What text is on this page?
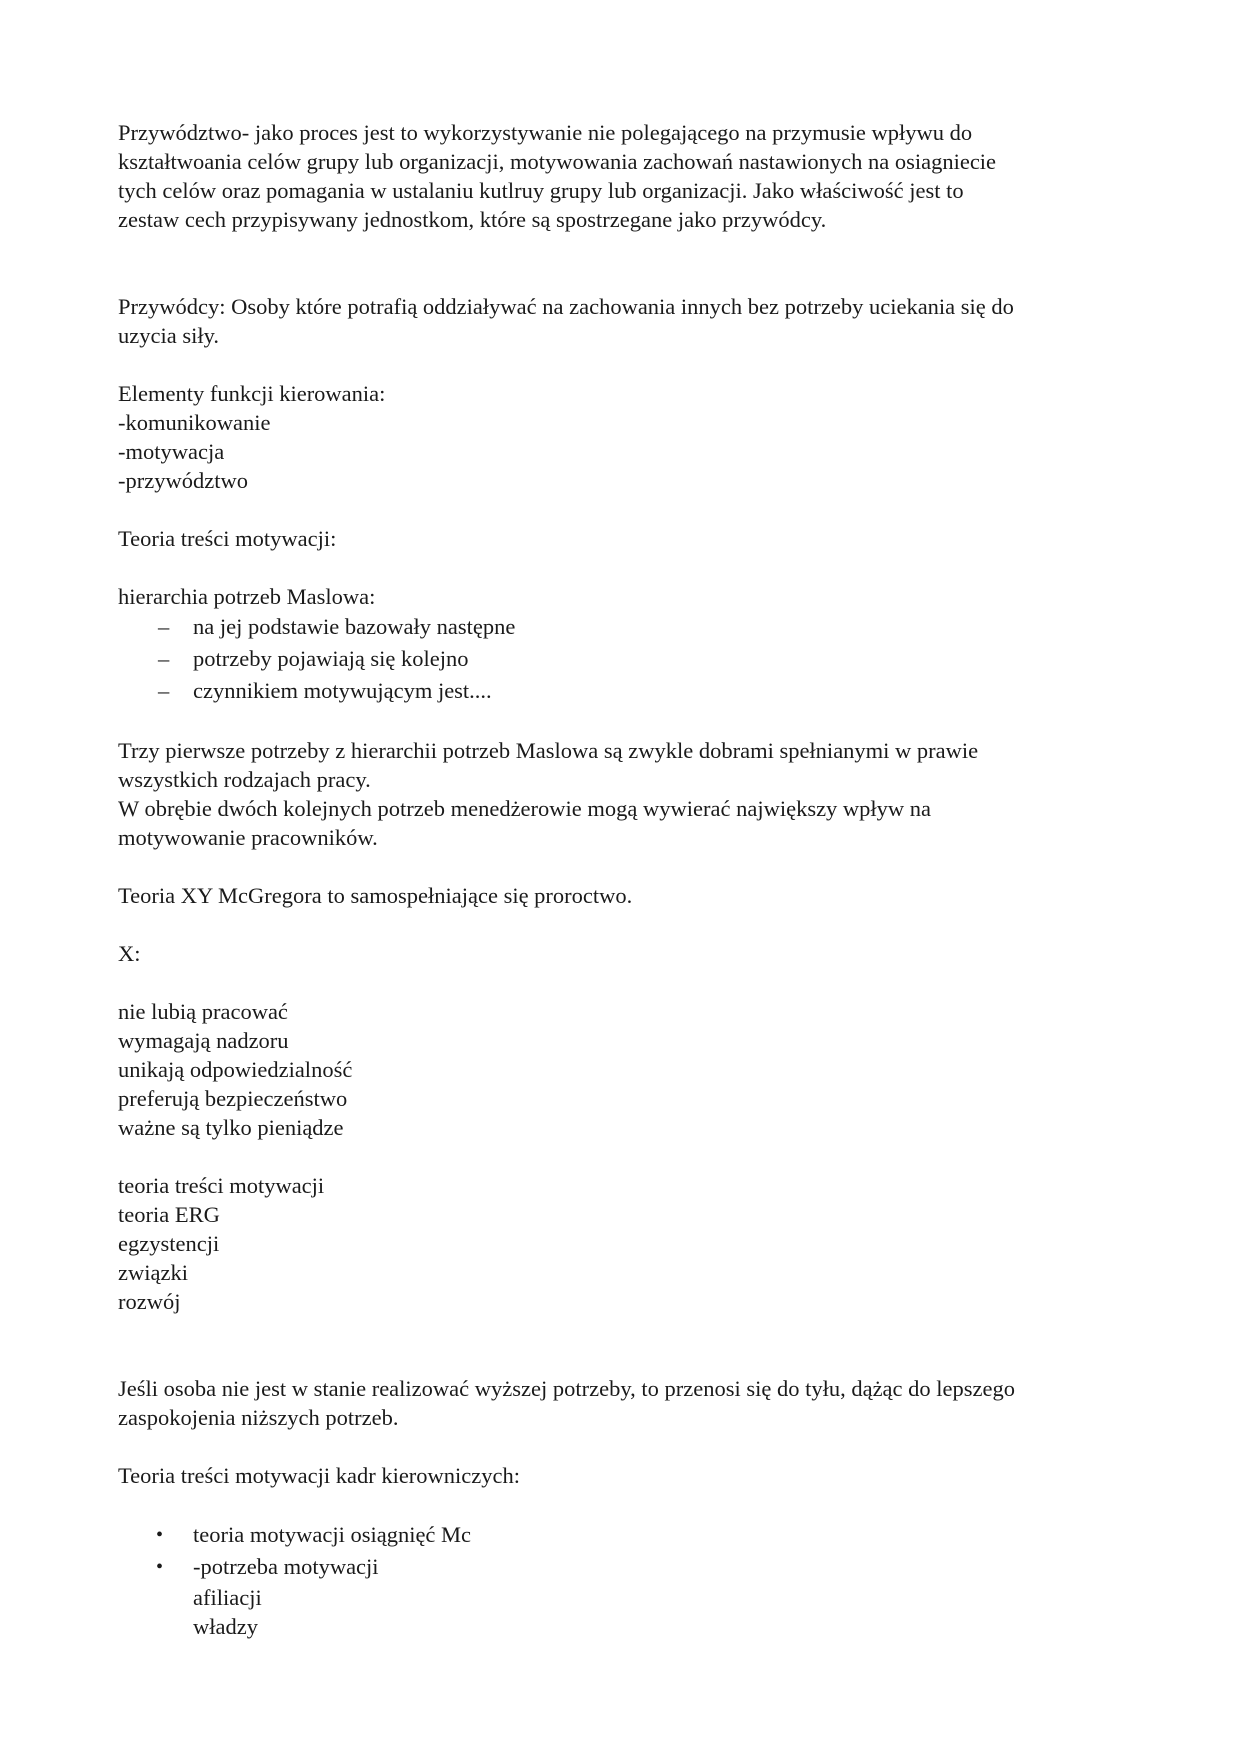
Przywództwo- jako proces jest to wykorzystywanie nie polegającego na przymusie wpływu do
kształtwoania celów grupy lub organizacji, motywowania zachowań nastawionych na osiagniecie
tych celów oraz pomagania w ustalaniu kutlruy grupy lub organizacji. Jako właściwość jest to
zestaw cech przypisywany jednostkom, które są spostrzegane jako przywódcy.

Przywódcy: Osoby które potrafią oddziaływać na zachowania innych bez potrzeby uciekania się do
uzycia siły.

Elementy funkcji kierowania:
-komunikowanie
-motywacja
-przywództwo

Teoria treści motywacji:

hierarchia potrzeb Maslowa:

– na jej podstawie bazowały następne
– potrzeby pojawiają się kolejno
– czynnikiem motywującym jest....

Trzy pierwsze potrzeby z hierarchii potrzeb Maslowa są zwykle dobrami spełnianymi w prawie
wszystkich rodzajach pracy.
W obrębie dwóch kolejnych potrzeb menedżerowie mogą wywierać największy wpływ na
motywowanie pracowników.

Teoria XY McGregora to samospełniające się proroctwo.

X:

nie lubią pracować
wymagają nadzoru
unikają odpowiedzialność
preferują bezpieczeństwo
ważne są tylko pieniądze

teoria treści motywacji
teoria ERG
egzystencji
związki
rozwój

Jeśli osoba nie jest w stanie realizować wyższej potrzeby, to przenosi się do tyłu, dążąc do lepszego
zaspokojenia niższych potrzeb.

Teoria treści motywacji kadr kierowniczych:

• teoria motywacji osiągnięć Mc
• -potrzeba motywacji
afiliacji
władzy
